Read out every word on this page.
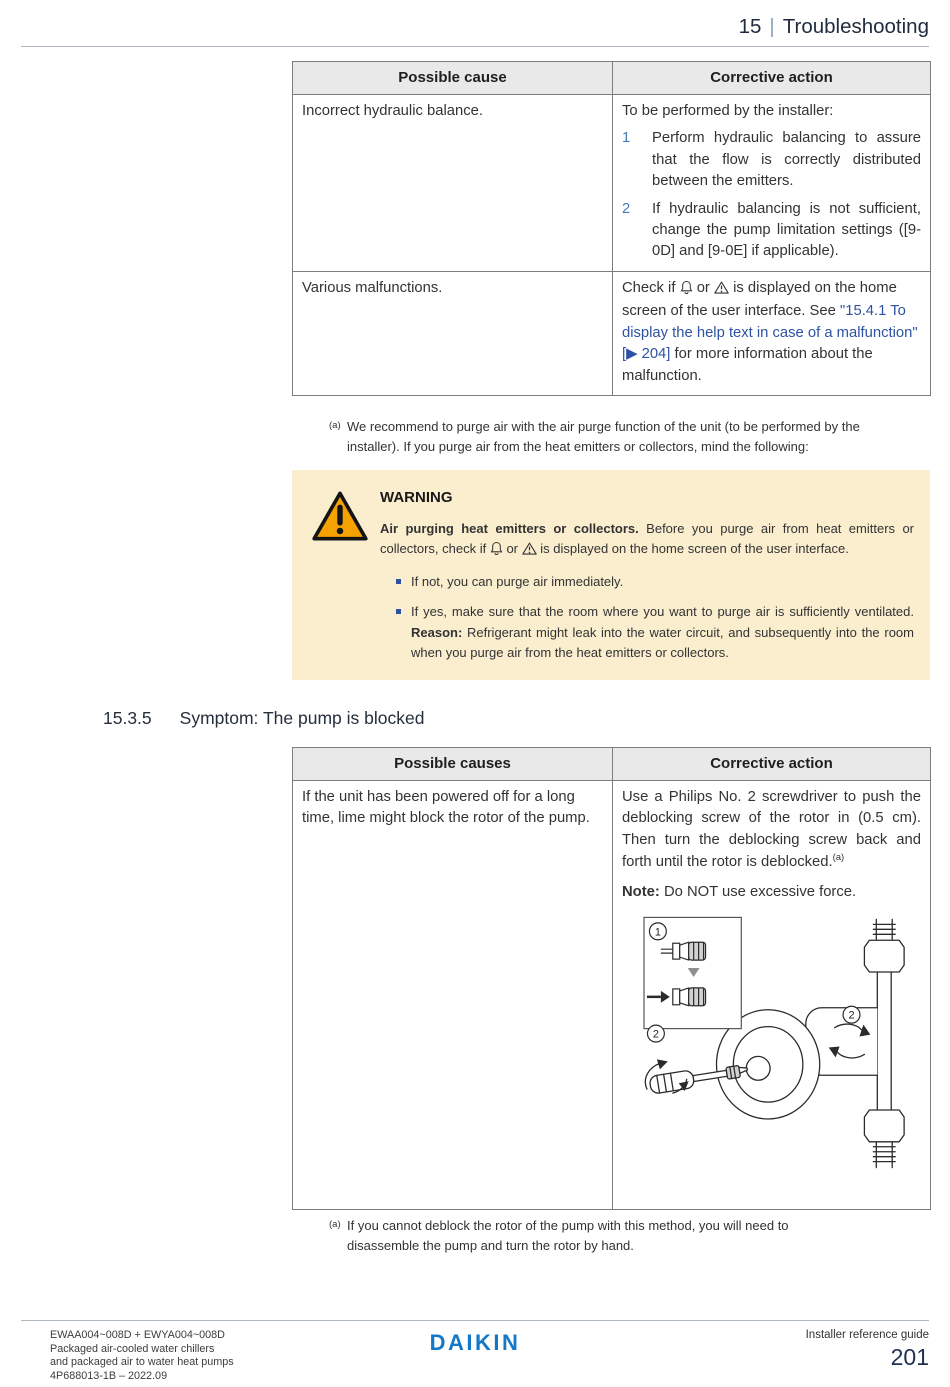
15 | Troubleshooting
Possible cause	Corrective action
Incorrect hydraulic balance.	To be performed by the installer:
1 Perform hydraulic balancing to assure that the flow is correctly distributed between the emitters.
2 If hydraulic balancing is not sufficient, change the pump limitation settings ([9-0D] and [9-0E] if applicable).

Various malfunctions.	Check if or is displayed on the home screen of the user interface. See "15.4.1 To display the help text in case of a malfunction" [▶ 204] for more information about the malfunction.
(a) We recommend to purge air with the air purge function of the unit (to be performed by the installer). If you purge air from the heat emitters or collectors, mind the following:
WARNING
Air purging heat emitters or collectors. Before you purge air from heat emitters or collectors, check if or is displayed on the home screen of the user interface.
If not, you can purge air immediately.
If yes, make sure that the room where you want to purge air is sufficiently ventilated. Reason: Refrigerant might leak into the water circuit, and subsequently into the room when you purge air from the heat emitters or collectors.
15.3.5 Symptom: The pump is blocked
Possible causes	Corrective action
If the unit has been powered off for a long time, lime might block the rotor of the pump.	Use a Philips No. 2 screwdriver to push the deblocking screw of the rotor in (0.5 cm). Then turn the deblocking screw back and forth until the rotor is deblocked.$^{(a)}$

Note: Do NOT use excessive force.

1
2
2
(a) If you cannot deblock the rotor of the pump with this method, you will need to disassemble the pump and turn the rotor by hand.
EWAA004~008D + EWYA004~008D
Packaged air-cooled water chillers
and packaged air to water heat pumps
4P688013-1B – 2022.09
DAIKIN	Installer reference guide
201
